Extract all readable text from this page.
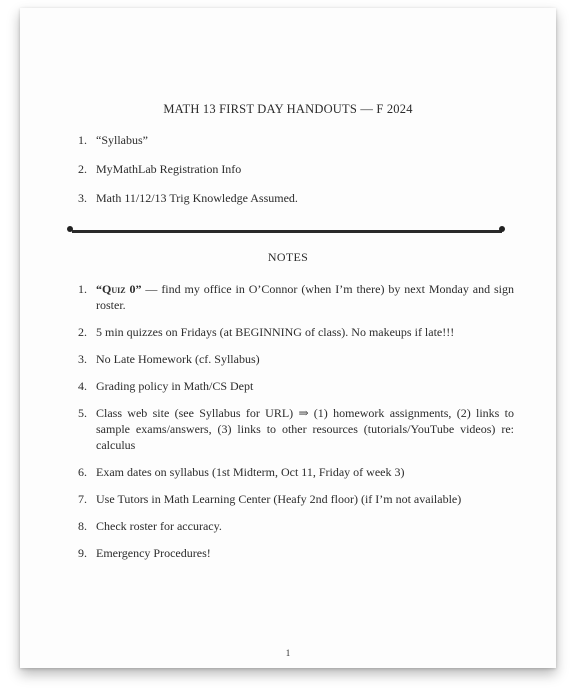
MATH 13 FIRST DAY HANDOUTS — F 2024
1. “Syllabus”
2. MyMathLab Registration Info
3. Math 11/12/13 Trig Knowledge Assumed.
NOTES
1. “Quiz 0” — find my office in O’Connor (when I’m there) by next Monday and sign roster.
2. 5 min quizzes on Fridays (at BEGINNING of class). No makeups if late!!!
3. No Late Homework (cf. Syllabus)
4. Grading policy in Math/CS Dept
5. Class web site (see Syllabus for URL) ⇒ (1) homework assignments, (2) links to sample exams/answers, (3) links to other resources (tutorials/YouTube videos) re: calculus
6. Exam dates on syllabus (1st Midterm, Oct 11, Friday of week 3)
7. Use Tutors in Math Learning Center (Heafy 2nd floor) (if I’m not available)
8. Check roster for accuracy.
9. Emergency Procedures!
1
